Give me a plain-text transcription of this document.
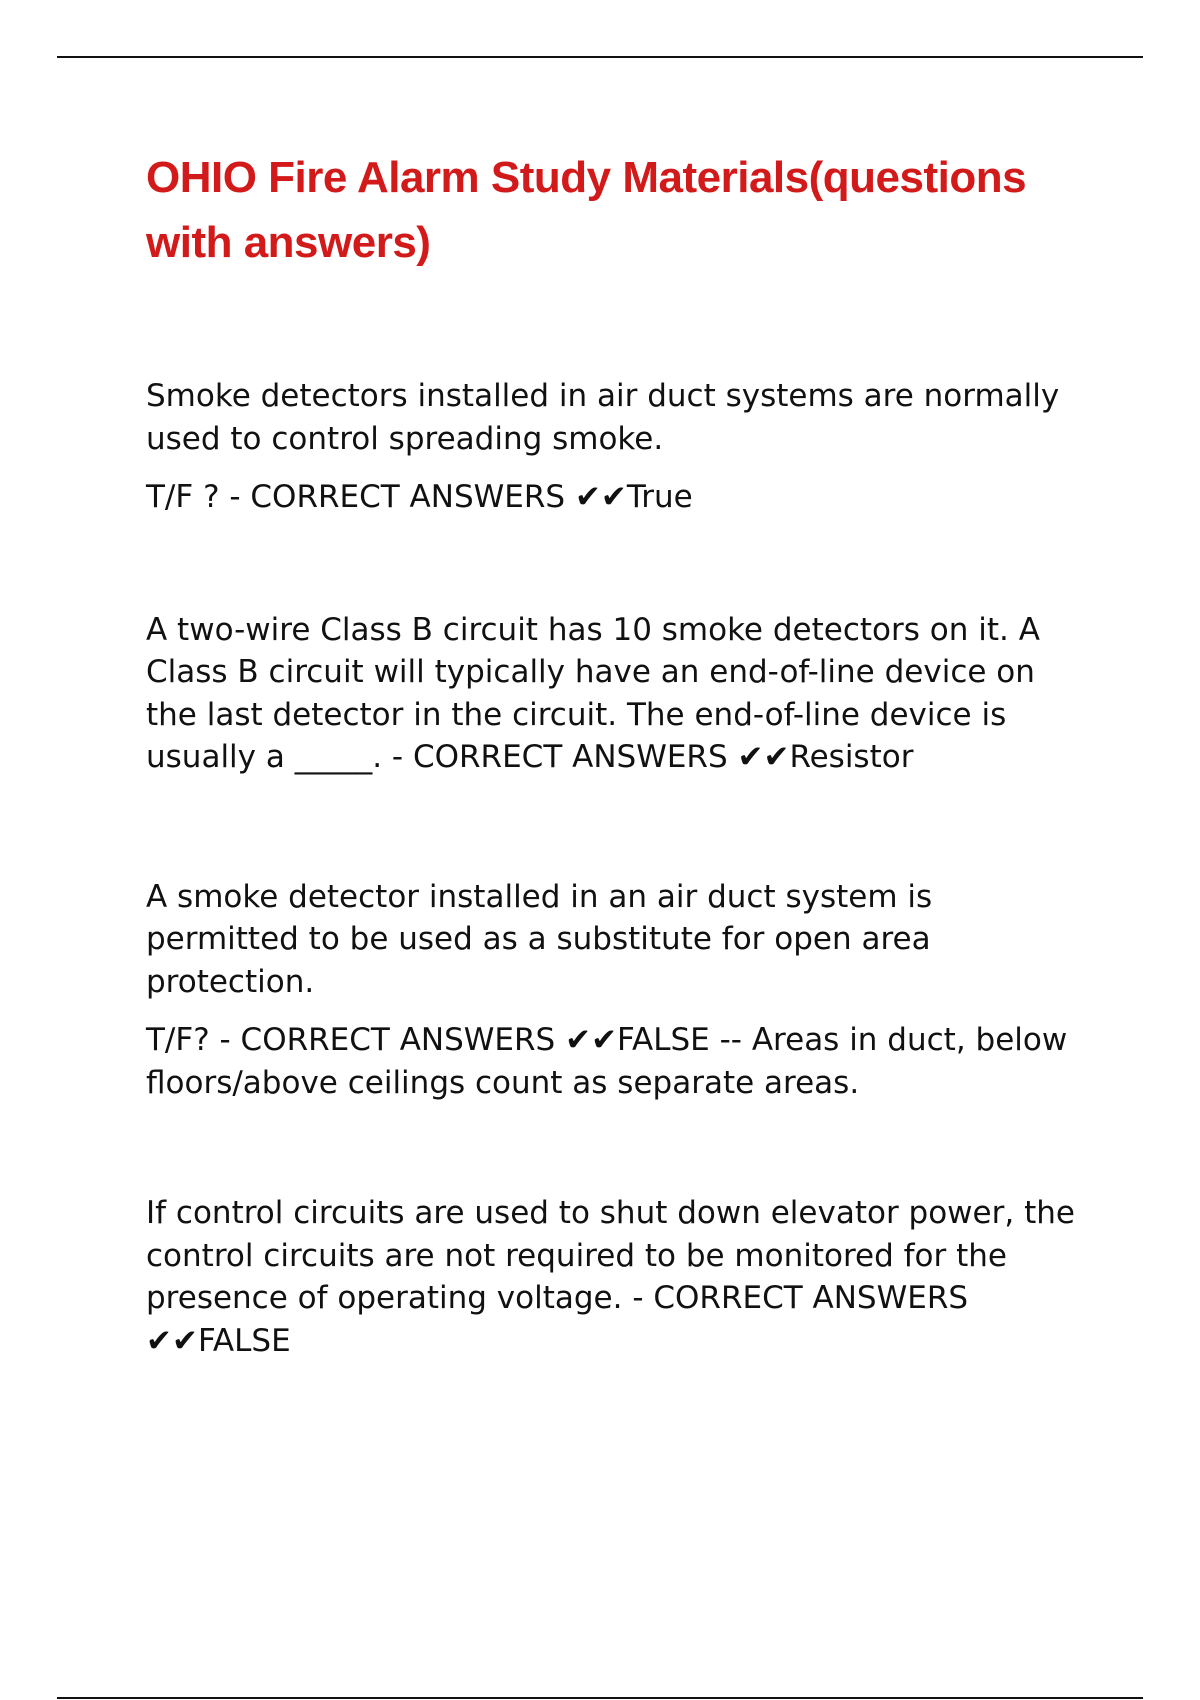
OHIO Fire Alarm Study Materials(questions with answers)

Smoke detectors installed in air duct systems are normally used to control spreading smoke.

T/F ? - CORRECT ANSWERS ✔✔True

A two-wire Class B circuit has 10 smoke detectors on it. A Class B circuit will typically have an end-of-line device on the last detector in the circuit. The end-of-line device is usually a _____. - CORRECT ANSWERS ✔✔Resistor

A smoke detector installed in an air duct system is permitted to be used as a substitute for open area protection.

T/F? - CORRECT ANSWERS ✔✔FALSE -- Areas in duct, below floors/above ceilings count as separate areas.

If control circuits are used to shut down elevator power, the control circuits are not required to be monitored for the presence of operating voltage. - CORRECT ANSWERS ✔✔FALSE
